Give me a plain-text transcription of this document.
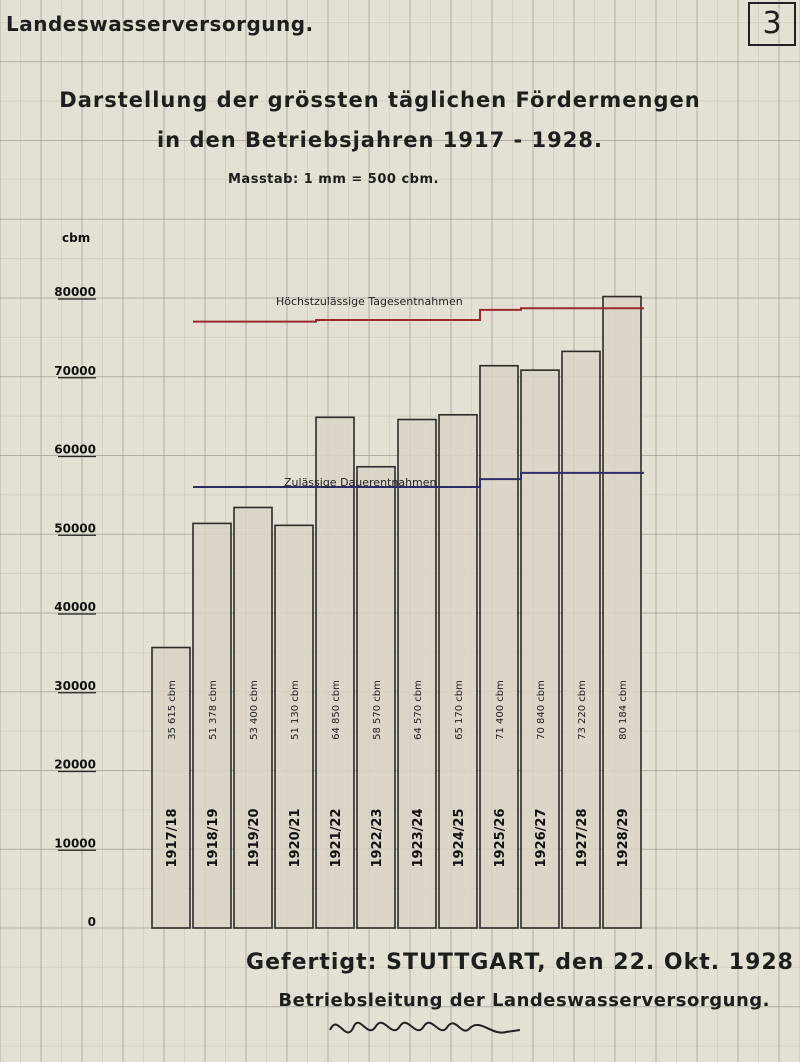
Höchstzulässige Tagesentnahmen
Zulässige Dauerentnahmen
35 615 cbm
1917/18
51 378 cbm
1918/19
53 400 cbm
1919/20
51 130 cbm
1920/21
64 850 cbm
1921/22
58 570 cbm
1922/23
64 570 cbm
1923/24
65 170 cbm
1924/25
71 400 cbm
1925/26
70 840 cbm
1926/27
73 220 cbm
1927/28
80 184 cbm
1928/29
0
10000
20000
30000
40000
50000
60000
70000
80000
cbm
Landeswasserversorgung.	3
Darstellung der grössten täglichen Fördermengen
in den Betriebsjahren 1917 - 1928.
Masstab: 1 mm = 500 cbm.
Gefertigt: STUTTGART, den 22. Okt. 1928
Betriebsleitung der Landeswasserversorgung.
